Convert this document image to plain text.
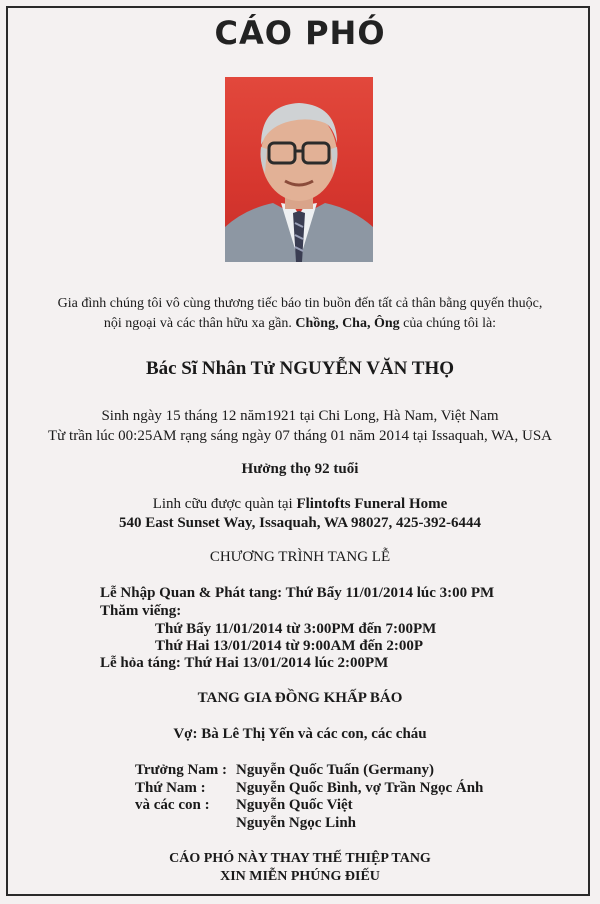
CÁO PHÓ
Gia đình chúng tôi vô cùng thương tiếc báo tin buồn đến tất cả thân bằng quyến thuộc,
nội ngoại và các thân hữu xa gần. Chồng, Cha, Ông của chúng tôi là:
Bác Sĩ Nhân Tử NGUYỄN VĂN THỌ
Sinh ngày 15 tháng 12 năm1921 tại Chi Long, Hà Nam, Việt Nam
Từ trần lúc 00:25AM rạng sáng ngày 07 tháng 01 năm 2014 tại Issaquah, WA, USA
Hưởng thọ 92 tuổi
Linh cữu được quàn tại Flintofts Funeral Home
540 East Sunset Way, Issaquah, WA 98027, 425-392-6444
CHƯƠNG TRÌNH TANG LỄ
Lễ Nhập Quan & Phát tang: Thứ Bẩy 11/01/2014 lúc 3:00 PM
Thăm viếng:
Thứ Bẩy 11/01/2014 từ 3:00PM đến 7:00PM
Thứ Hai 13/01/2014 từ 9:00AM đến 2:00P
Lễ hỏa táng: Thứ Hai 13/01/2014 lúc 2:00PM
TANG GIA ĐỒNG KHẤP BÁO
Vợ: Bà Lê Thị Yến và các con, các cháu
Trưởng Nam : Nguyễn Quốc Tuấn (Germany)
Thứ Nam : Nguyễn Quốc Bình, vợ Trần Ngọc Ánh
và các con : Nguyễn Quốc Việt
Nguyễn Ngọc Linh
CÁO PHÓ NÀY THAY THẾ THIỆP TANG
XIN MIỄN PHÚNG ĐIẾU
